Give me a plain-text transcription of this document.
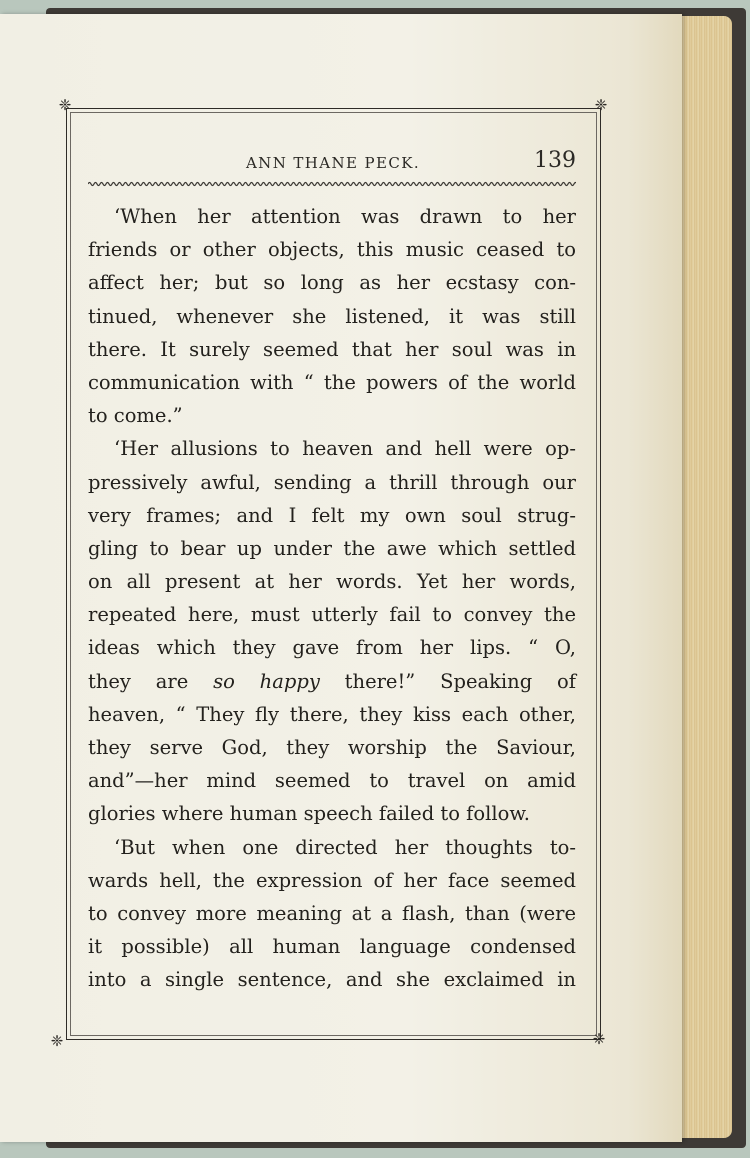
❈	❈
❈	❈
ANN THANE PECK.	139
‘When her attention was drawn to her
friends or other objects, this music ceased to
affect her; but so long as her ecstasy con-
tinued, whenever she listened, it was still
there. It surely seemed that her soul was in
communication with “ the powers of the world
to come.”
‘Her allusions to heaven and hell were op-
pressively awful, sending a thrill through our
very frames; and I felt my own soul strug-
gling to bear up under the awe which settled
on all present at her words. Yet her words,
repeated here, must utterly fail to convey the
ideas which they gave from her lips. “ O,
they are so happy there!” Speaking of
heaven, “ They fly there, they kiss each other,
they serve God, they worship the Saviour,
and”—her mind seemed to travel on amid
glories where human speech failed to follow.
‘But when one directed her thoughts to-
wards hell, the expression of her face seemed
to convey more meaning at a flash, than (were
it possible) all human language condensed
into a single sentence, and she exclaimed in
